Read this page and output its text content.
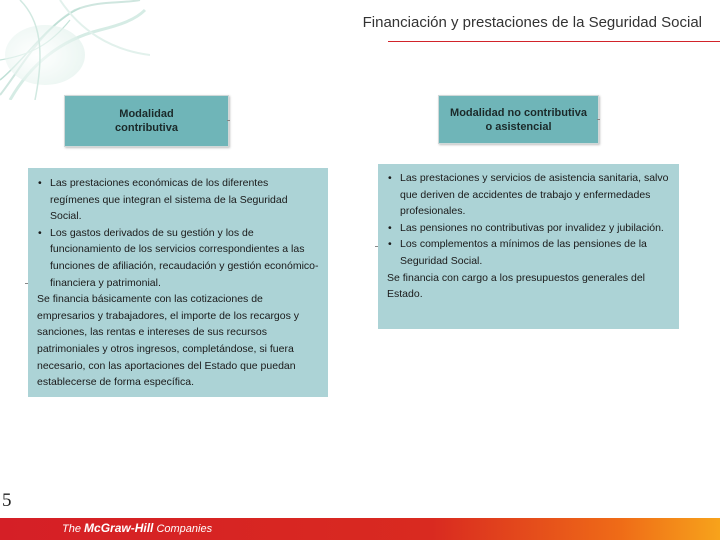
Financiación y prestaciones de la Seguridad Social
Modalidad
contributiva
Modalidad no contributiva
o asistencial
• Las prestaciones económicas de los diferentes regímenes que integran el sistema de la Seguridad Social.
• Los gastos derivados de su gestión y los de funcionamiento de los servicios correspondientes a las funciones de afiliación, recaudación y gestión económico-financiera y patrimonial.

Se financia básicamente con las cotizaciones de empresarios y trabajadores, el importe de los recargos y sanciones, las rentas e intereses de sus recursos patrimoniales y otros ingresos, completándose, si fuera necesario, con las aportaciones del Estado que puedan establecerse de forma específica.

• Las prestaciones y servicios de asistencia sanitaria, salvo que deriven de accidentes de trabajo y enfermedades profesionales.
• Las pensiones no contributivas por invalidez y jubilación.
• Los complementos a mínimos de las pensiones de la Seguridad Social.

Se financia con cargo a los presupuestos generales del Estado.

5
The McGraw-Hill Companies
